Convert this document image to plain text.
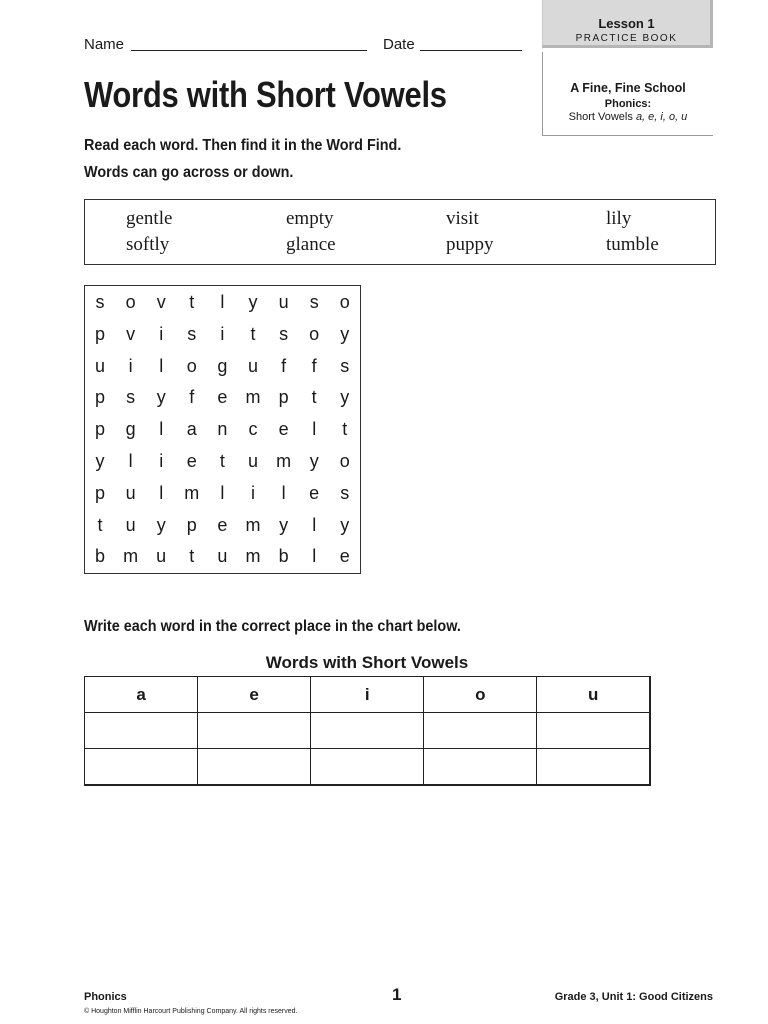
Name	Date
Lesson 1
PRACTICE BOOK
A Fine, Fine School
Phonics:
Short Vowels a, e, i, o, u
Words with Short Vowels
Read each word. Then find it in the Word Find.
Words can go across or down.
gentle	empty	visit	lily
softly	glance	puppy	tumble
s	o	v	t	l	y	u	s	o
p	v	i	s	i	t	s	o	y
u	i	l	o	g	u	f	f	s
p	s	y	f	e	m	p	t	y
p	g	l	a	n	c	e	l	t
y	l	i	e	t	u	m	y	o
p	u	l	m	l	i	l	e	s
t	u	y	p	e	m	y	l	y
b	m	u	t	u	m	b	l	e
Write each word in the correct place in the chart below.
Words with Short Vowels
a	e	i	o	u

Phonics	1	Grade 3, Unit 1: Good Citizens
© Houghton Mifflin Harcourt Publishing Company. All rights reserved.
